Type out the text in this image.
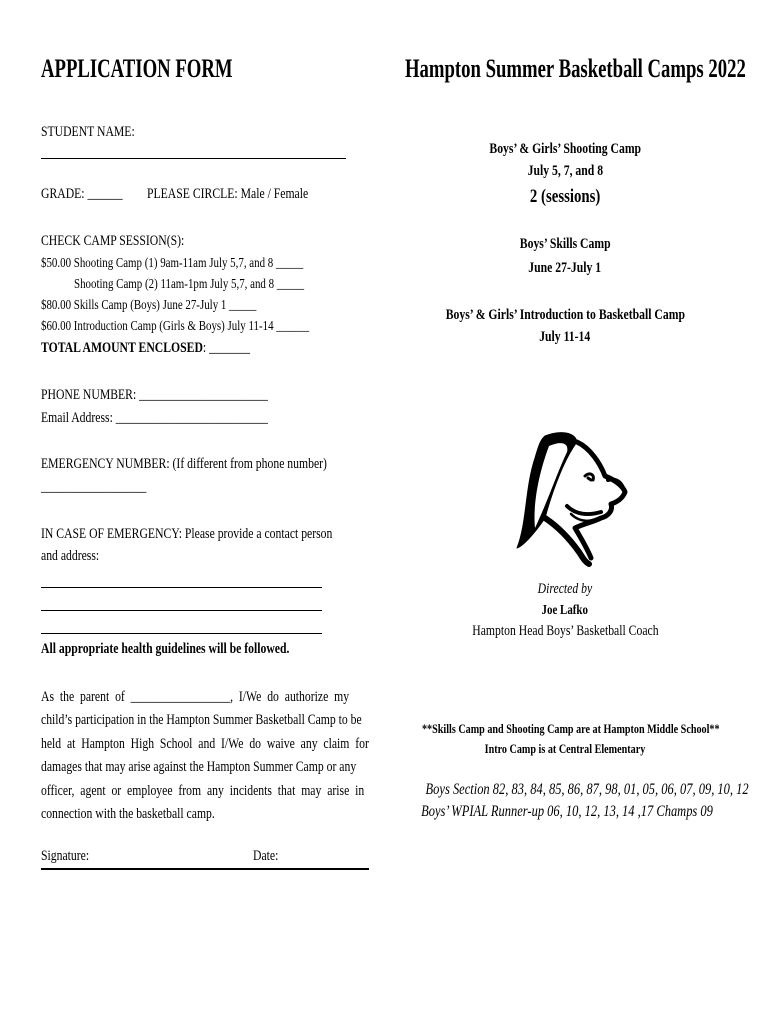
APPLICATION FORM	Hampton Summer Basketball Camps 2022
STUDENT NAME:
GRADE: ______	PLEASE CIRCLE: Male / Female
CHECK CAMP SESSION(S):
$50.00 Shooting Camp (1) 9am-11am July 5,7, and 8 _____
Shooting Camp (2) 11am-1pm July 5,7, and 8 _____
$80.00 Skills Camp (Boys) June 27-July 1 _____
$60.00 Introduction Camp (Girls & Boys) July 11-14 ______
TOTAL AMOUNT ENCLOSED: _______
PHONE NUMBER: ______________________
Email Address: __________________________
EMERGENCY NUMBER: (If different from phone number)
__________________
IN CASE OF EMERGENCY: Please provide a contact person
and address:
All appropriate health guidelines will be followed.
As  the  parent  of  _________________,  I/We  do  authorize  my
child’s participation in the Hampton Summer Basketball Camp to be
held  at  Hampton  High  School  and  I/We  do  waive  any  claim  for
damages that may arise against the Hampton Summer Camp or any
officer,  agent  or  employee  from  any  incidents  that  may  arise  in
connection with the basketball camp.
Signature:	Date:
Boys’ & Girls’ Shooting Camp
July 5, 7, and 8
2 (sessions)
Boys’ Skills Camp
June 27-July 1
Boys’ & Girls’ Introduction to Basketball Camp
July 11-14
Directed by
Joe Lafko
Hampton Head Boys’ Basketball Coach
**Skills Camp and Shooting Camp are at Hampton Middle School**
Intro Camp is at Central Elementary
Boys Section 82, 83, 84, 85, 86, 87, 98, 01, 05, 06, 07, 09, 10, 12
Boys’ WPIAL Runner-up 06, 10, 12, 13, 14 ,17 Champs 09
